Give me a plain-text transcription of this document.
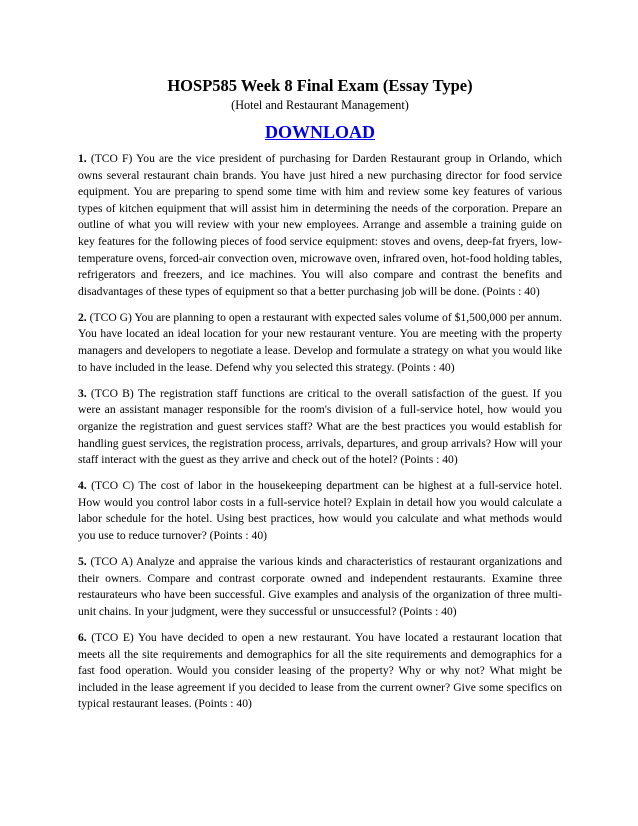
HOSP585 Week 8 Final Exam (Essay Type)

(Hotel and Restaurant Management)

DOWNLOAD

1. (TCO F) You are the vice president of purchasing for Darden Restaurant group in Orlando, which owns several restaurant chain brands. You have just hired a new purchasing director for food service equipment. You are preparing to spend some time with him and review some key features of various types of kitchen equipment that will assist him in determining the needs of the corporation. Prepare an outline of what you will review with your new employees. Arrange and assemble a training guide on key features for the following pieces of food service equipment: stoves and ovens, deep-fat fryers, low-temperature ovens, forced-air convection oven, microwave oven, infrared oven, hot-food holding tables, refrigerators and freezers, and ice machines. You will also compare and contrast the benefits and disadvantages of these types of equipment so that a better purchasing job will be done. (Points : 40)

2. (TCO G) You are planning to open a restaurant with expected sales volume of $1,500,000 per annum. You have located an ideal location for your new restaurant venture. You are meeting with the property managers and developers to negotiate a lease. Develop and formulate a strategy on what you would like to have included in the lease. Defend why you selected this strategy. (Points : 40)

3. (TCO B) The registration staff functions are critical to the overall satisfaction of the guest. If you were an assistant manager responsible for the room's division of a full-service hotel, how would you organize the registration and guest services staff? What are the best practices you would establish for handling guest services, the registration process, arrivals, departures, and group arrivals? How will your staff interact with the guest as they arrive and check out of the hotel? (Points : 40)

4. (TCO C) The cost of labor in the housekeeping department can be highest at a full-service hotel. How would you control labor costs in a full-service hotel? Explain in detail how you would calculate a labor schedule for the hotel. Using best practices, how would you calculate and what methods would you use to reduce turnover? (Points : 40)

5. (TCO A) Analyze and appraise the various kinds and characteristics of restaurant organizations and their owners. Compare and contrast corporate owned and independent restaurants. Examine three restaurateurs who have been successful. Give examples and analysis of the organization of three multi-unit chains. In your judgment, were they successful or unsuccessful? (Points : 40)

6. (TCO E) You have decided to open a new restaurant. You have located a restaurant location that meets all the site requirements and demographics for all the site requirements and demographics for a fast food operation. Would you consider leasing of the property? Why or why not? What might be included in the lease agreement if you decided to lease from the current owner? Give some specifics on typical restaurant leases. (Points : 40)
